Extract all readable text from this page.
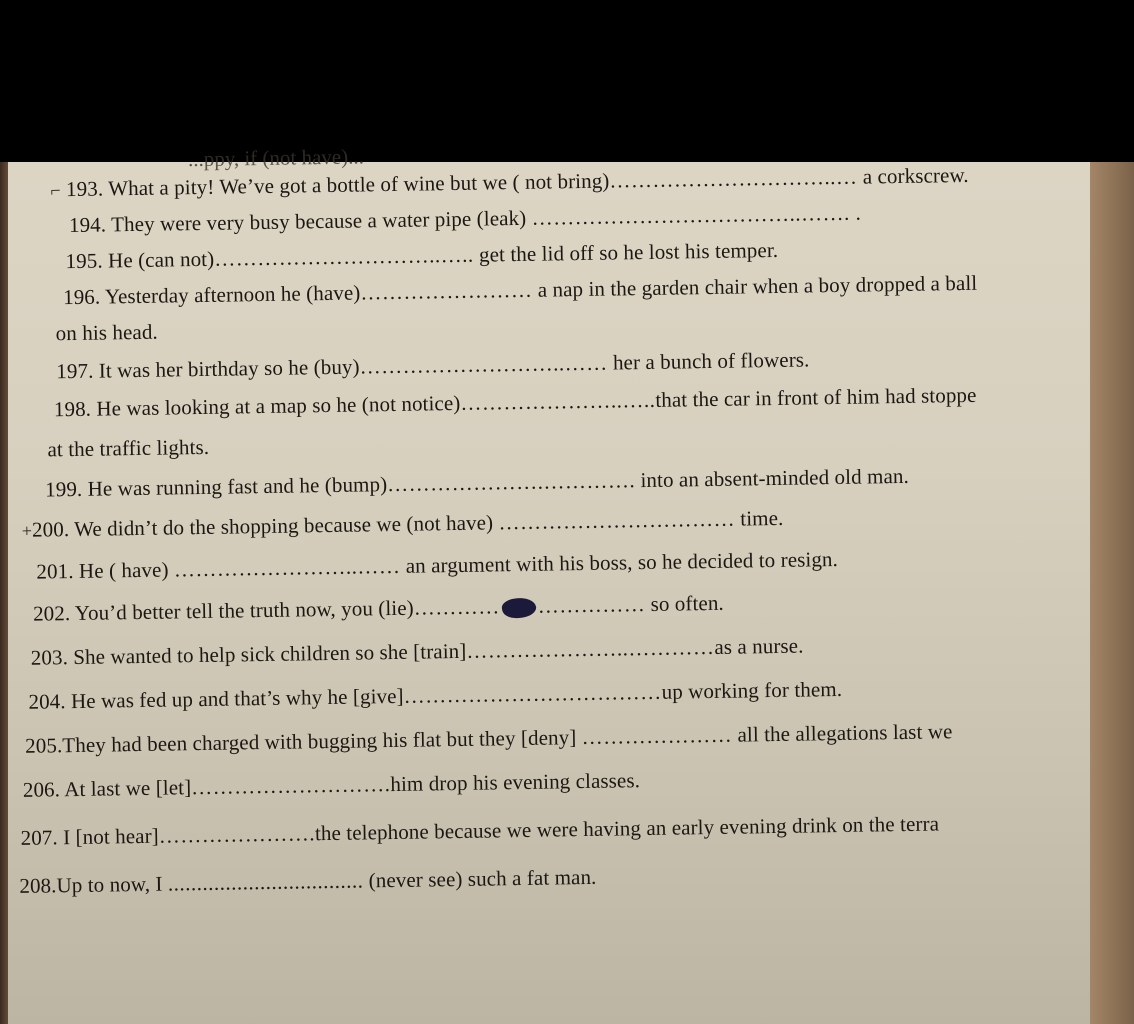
...ppy, if (not have)...
⌐ 193. What a pity! We’ve got a bottle of wine but we ( not bring)…………………………..… a corkscrew.
194. They were very busy because a water pipe (leak) ………………………………..……. .
195. He (can not)…………………………..….. get the lid off so he lost his temper.
196. Yesterday afternoon he (have)…………………… a nap in the garden chair when a boy dropped a ball
on his head.
197. It was her birthday so he (buy)………………………..…… her a bunch of flowers.
198. He was looking at a map so he (not notice)…………………..…..that the car in front of him had stoppe
at the traffic lights.
199. He was running fast and he (bump)………………….…………. into an absent-minded old man.
+200. We didn’t do the shopping because we (not have) …………………………… time.
201. He ( have) ……………………..…… an argument with his boss, so he decided to resign.
202. You’d better tell the truth now, you (lie)………… …………… so often.
203. She wanted to help sick children so she [train]…………………..…………as a nurse.
204. He was fed up and that’s why he [give]………………………………up working for them.
205.They had been charged with bugging his flat but they [deny] ………………… all the allegations last we
206. At last we [let]……………………….him drop his evening classes.
207. I [not hear]………………….the telephone because we were having an early evening drink on the terra
208.Up to now, I .................................. (never see) such a fat man.
